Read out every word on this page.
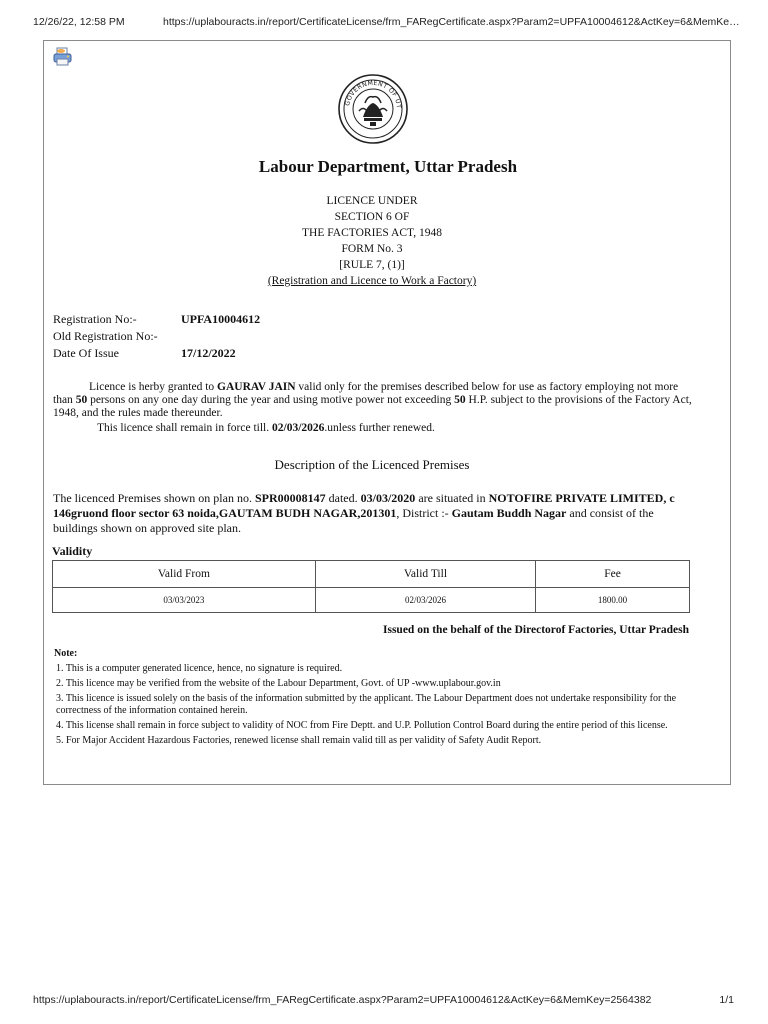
12/26/22, 12:58 PM	https://uplabouracts.in/report/CertificateLicense/frm_FARegCertificate.aspx?Param2=UPFA10004612&ActKey=6&MemKe…
GOVERNMENT OF UT
Labour Department, Uttar Pradesh
LICENCE UNDER
SECTION 6 OF
THE FACTORIES ACT, 1948
FORM No. 3
[RULE 7, (1)]
(Registration and Licence to Work a Factory)
Registration No:-	UPFA10004612
Old Registration No:-
Date Of Issue	17/12/2022

Licence is herby granted to GAURAV JAIN valid only for the premises described below for use as factory employing not more than 50 persons on any one day during the year and using motive power not exceeding 50 H.P. subject to the provisions of the Factory Act, 1948, and the rules made thereunder.

This licence shall remain in force till. 02/03/2026.unless further renewed.

Description of the Licenced Premises
The licenced Premises shown on plan no. SPR00008147 dated. 03/03/2020 are situated in NOTOFIRE PRIVATE LIMITED, c 146gruond floor sector 63 noida,GAUTAM BUDH NAGAR,201301, District :- Gautam Buddh Nagar and consist of the buildings shown on approved site plan.
Validity
Valid From	Valid Till	Fee
03/03/2023	02/03/2026	1800.00
Issued on the behalf of the Directorof Factories, Uttar Pradesh
Note:
1. This is a computer generated licence, hence, no signature is required.
2. This licence may be verified from the website of the Labour Department, Govt. of UP -www.uplabour.gov.in
3. This licence is issued solely on the basis of the information submitted by the applicant. The Labour Department does not undertake responsibility for the correctness of the information contained herein.
4. This license shall remain in force subject to validity of NOC from Fire Deptt. and U.P. Pollution Control Board during the entire period of this license.
5. For Major Accident Hazardous Factories, renewed license shall remain valid till as per validity of Safety Audit Report.
https://uplabouracts.in/report/CertificateLicense/frm_FARegCertificate.aspx?Param2=UPFA10004612&ActKey=6&MemKey=2564382	1/1
